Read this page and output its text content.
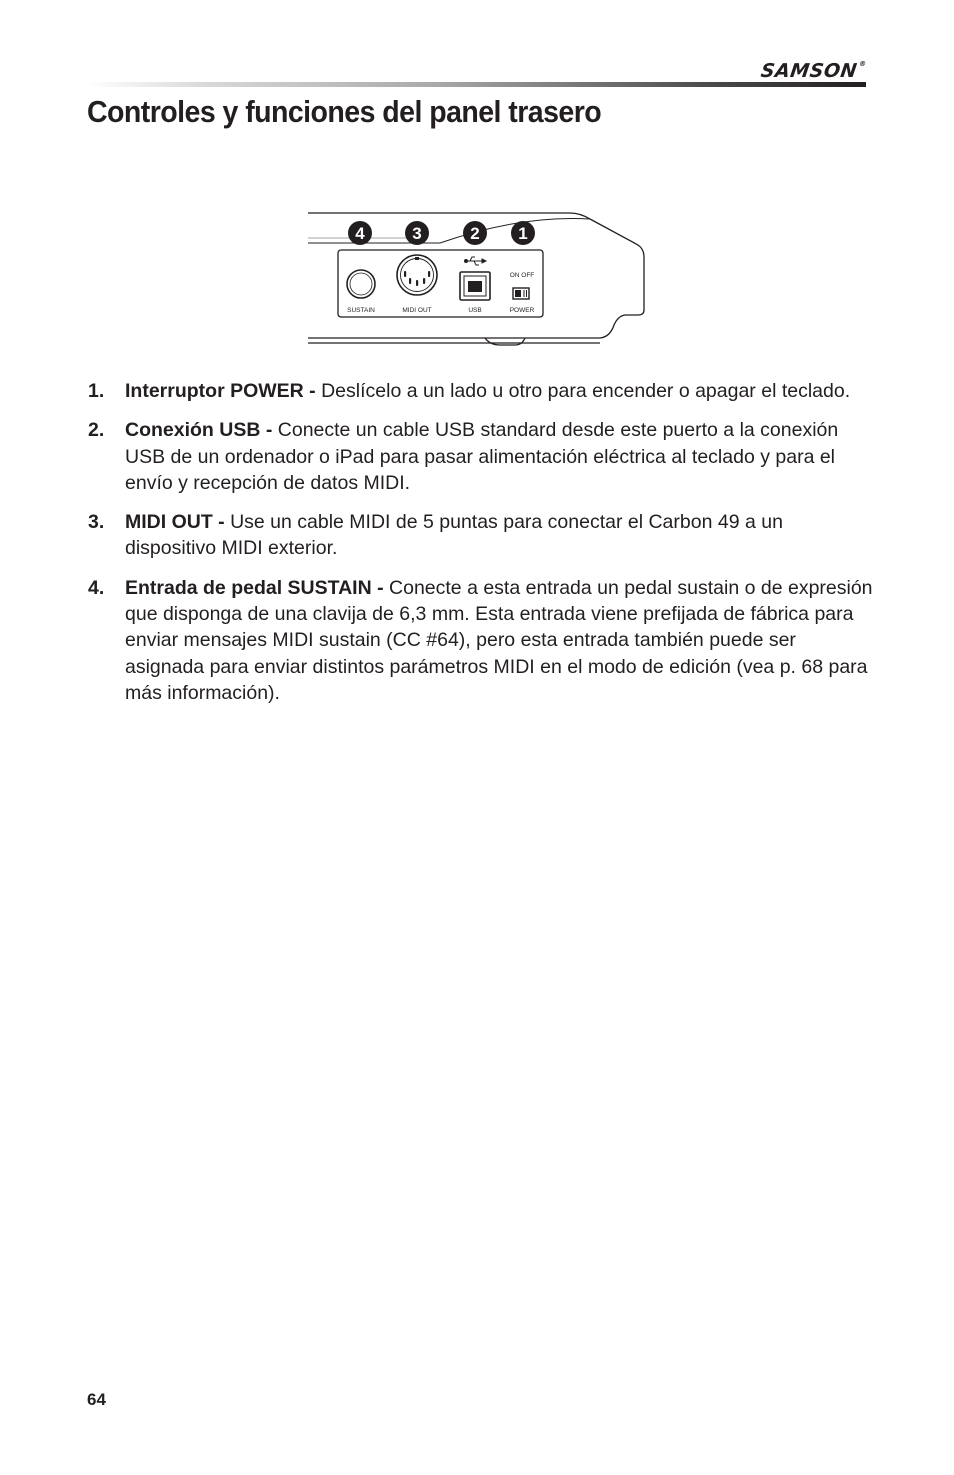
SAMSON®
Controles y funciones del panel trasero
4	3	2 1
ON OFF
SUSTAIN	MIDI OUT	USB	POWER
1. Interruptor POWER - Deslícelo a un lado u otro para encender o apagar el teclado.
2. Conexión USB - Conecte un cable USB standard desde este puerto a la conexión USB de un ordenador o iPad para pasar alimentación eléctrica al teclado y para el envío y recepción de datos MIDI.
3. MIDI OUT - Use un cable MIDI de 5 puntas para conectar el Carbon 49 a un dispositivo MIDI exterior.
4. Entrada de pedal SUSTAIN - Conecte a esta entrada un pedal sustain o de expresión que disponga de una clavija de 6,3 mm. Esta entrada viene prefijada de fábrica para enviar mensajes MIDI sustain (CC #64), pero esta entrada también puede ser asignada para enviar distintos parámetros MIDI en el modo de edición (vea p. 68 para más información).
64
